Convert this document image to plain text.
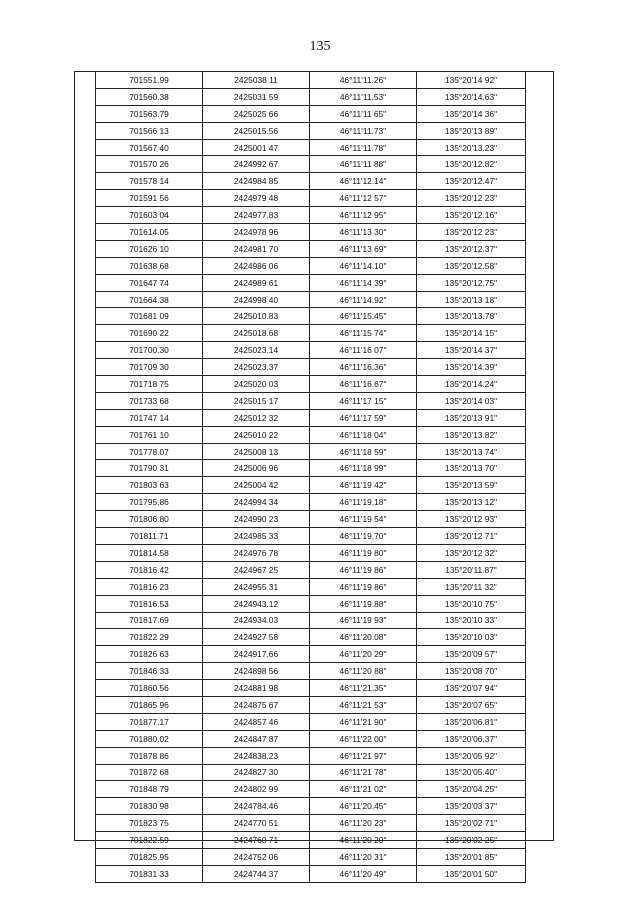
135
701551.99	2425038 11	46°11'11.26"	135°20'14 92"
701560.38	2425031 59	46°11'11.53"	135°20'14.63"
701563.79	2425025 66	46°11'11 65"	135°20'14 36"
701566 13	2425015.56	46°11'11.73"	135°20'13 89"
701567 40	2425001 47	46°11'11.78"	135°20'13.23"
701570 26	2424992 67	46°11'11 88"	135°20'12.82"
701578 14	2424984 85	46°11'12.14"	135°20'12.47"
701591 56	2424979 48	46°11'12 57"	135°20'12 23"
701603 04	2424977.83	46°11'12 95"	135°20'12.16"
701614.05	2424978 96	46°11'13 30"	135°20'12 23"
701626 10	2424981 70	46°11'13 69"	135°20'12.37"
701638 68	2424986 06	46°11'14.10"	135°20'12.58"
701647 74	2424989 61	46°11'14 39"	135°20'12.75"
701664.38	2424998 40	46°11'14.92"	135°20'13 18"
701681 09	2425010.83	46°11'15.45"	135°20'13.78"
701690 22	2425018.68	46°11'15 74"	135°20'14 15"
701700.30	2425023.14	46°11'16 07"	135°20'14 37"
701709 30	2425023.37	46°11'16.36"	135°20'14.39"
701718 75	2425020 03	46°11'16.67"	135°20'14.24"
701733 68	2425015 17	46°11'17 15"	135°20'14 03"
701747 14	2425012 32	46°11'17 59"	135°20'13 91"
701761 10	2425010 22	46°11'18 04"	135°20'13.82"
701778.07	2425008 13	46°11'18 59"	135°20'13 74"
701790 31	2425006 96	46°11'18 99"	135°20'13 70"
701803 63	2425004 42	46°11'19 42"	135°20'13 59"
701795.86	2424994 34	46°11'19.18"	135°20'13 12"
701806.80	2424990 23	46°11'19 54"	135°20'12 93"
701811.71	2424985 33	46°11'19.70"	135°20'12 71"
701814.58	2424976 78	46°11'19 80"	135°20'12 32"
701816.42	2424967 25	46°11'19 86"	135°20'11.87"
701816 23	2424955 31	46°11'19 86"	135°20'11 32"
701816.53	2424943.12	46°11'19.88"	135°20'10 75"
701817.69	2424934.03	46°11'19 93"	135°20'10 33"
701822 29	2424927 58	46°11'20.08"	135°20'10 03"
701826 63	2424917.66	46°11'20 29"	135°20'09 57"
701846 33	2424898 56	46°11'20 88"	135°20'08 70"
701860.56	2424881 98	46°11'21.35"	135°20'07 94"
701865 96	2424875 67	46°11'21 53"	135°20'07 65"
701877.17	2424857 46	46°11'21 90"	135°20'06.81"
701880.02	2424847 87	46°11'22 00"	135°20'06.37"
701878 86	2424838.23	46°11'21 97"	135°20'05 92"
701872 68	2424827 30	46°11'21 78"	135°20'05.40"
701848 79	2424802 99	46°11'21 02"	135°20'04.25"
701830 98	2424784.46	46°11'20.45"	135°20'03 37"
701823 75	2424770 51	46°11'20 23"	135°20'02 71"
701822.59	2424760 71	46°11'20 20"	135°20'02 25"
701825.95	2424752 06	46°11'20 31"	135°20'01 85"
701831 33	2424744 37	46°11'20 49"	135°20'01 50"
